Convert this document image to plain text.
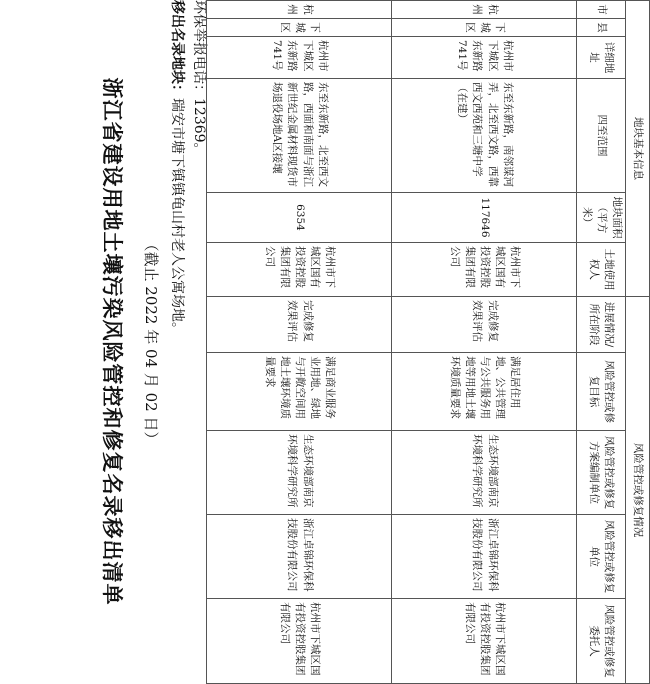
浙江省建设用地土壤污染风险管控和修复名录移出清单 （截止 2022 年 04 月 02 日）
移出名录地块：瑞安市塘下镇镇龟山村老人公寓场地。
环保举报电话：12369。	地块基本信息						风险管控或修复情况				
市	县	详细地址	四至范围	地块面积（平方米）	土地使用权人	进展情况/所在阶段	风险管控或修复目标	风险管控或修复方案编制单位	风险管控或修复单位	风险管控或修复委托人
杭州	下城区	杭州市下城区东新路741号	东至东新路，南邻谋河弄，北至西文路，西靠西文西苑和三塘中学（在建）	117646	杭州市下城区国有投资控股集团有限公司	完成修复效果评估	满足居住用地、公共管理与公共服务用地等用地土壤环境质量要求	生态环境部南京环境科学研究所	浙江卓锦环保科技股份有限公司	杭州市下城区国有投资控股集团有限公司
杭州	下城区	杭州市下城区东新路741号	东至东新路，北至西文路，西面和南面与浙江新世纪金属材料现货市场退役场地A区接壤	6354	杭州市下城区国有投资控股集团有限公司	完成修复效果评估	满足商业服务业用地、绿地与开敞空间用地土壤环境质量要求	生态环境部南京环境科学研究所	浙江卓锦环保科技股份有限公司	杭州市下城区国有投资控股集团有限公司
